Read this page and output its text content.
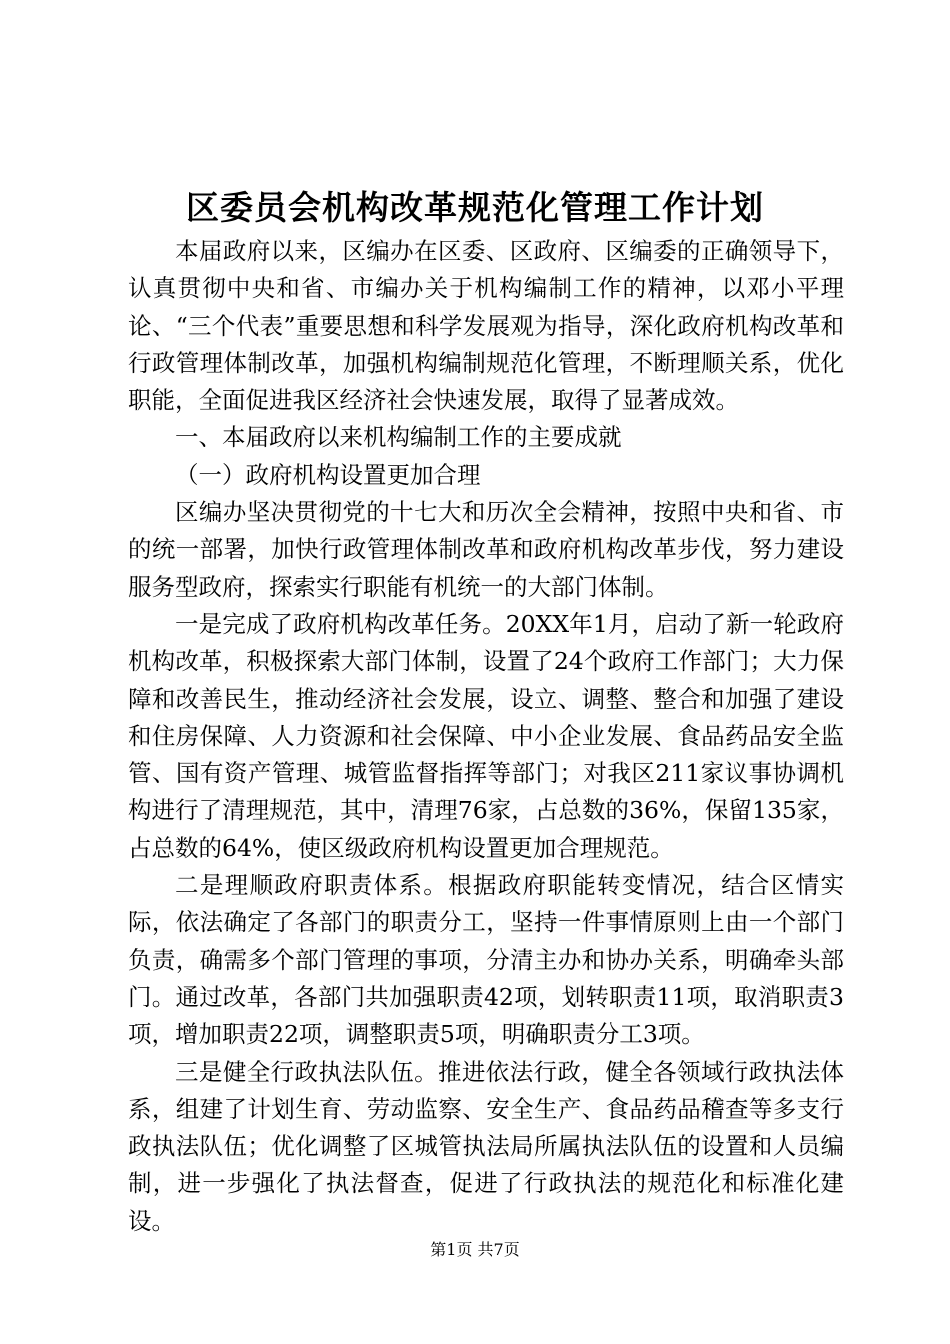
区委员会机构改革规范化管理工作计划

本届政府以来，区编办在区委、区政府、区编委的正确领导下，认真贯彻中央和省、市编办关于机构编制工作的精神，以邓小平理论、“三个代表”重要思想和科学发展观为指导，深化政府机构改革和行政管理体制改革，加强机构编制规范化管理，不断理顺关系，优化职能，全面促进我区经济社会快速发展，取得了显著成效。

一、本届政府以来机构编制工作的主要成就

（一）政府机构设置更加合理

区编办坚决贯彻党的十七大和历次全会精神，按照中央和省、市的统一部署，加快行政管理体制改革和政府机构改革步伐，努力建设服务型政府，探索实行职能有机统一的大部门体制。

一是完成了政府机构改革任务。20XX年1月，启动了新一轮政府机构改革，积极探索大部门体制，设置了24个政府工作部门；大力保障和改善民生，推动经济社会发展，设立、调整、整合和加强了建设和住房保障、人力资源和社会保障、中小企业发展、食品药品安全监管、国有资产管理、城管监督指挥等部门；对我区211家议事协调机构进行了清理规范，其中，清理76家，占总数的36%，保留135家，占总数的64%，使区级政府机构设置更加合理规范。

二是理顺政府职责体系。根据政府职能转变情况，结合区情实际，依法确定了各部门的职责分工，坚持一件事情原则上由一个部门负责，确需多个部门管理的事项，分清主办和协办关系，明确牵头部门。通过改革，各部门共加强职责42项，划转职责11项，取消职责3项，增加职责22项，调整职责5项，明确职责分工3项。

三是健全行政执法队伍。推进依法行政，健全各领域行政执法体系，组建了计划生育、劳动监察、安全生产、食品药品稽查等多支行政执法队伍；优化调整了区城管执法局所属执法队伍的设置和人员编制，进一步强化了执法督查，促进了行政执法的规范化和标准化建设。

第1页 共7页
